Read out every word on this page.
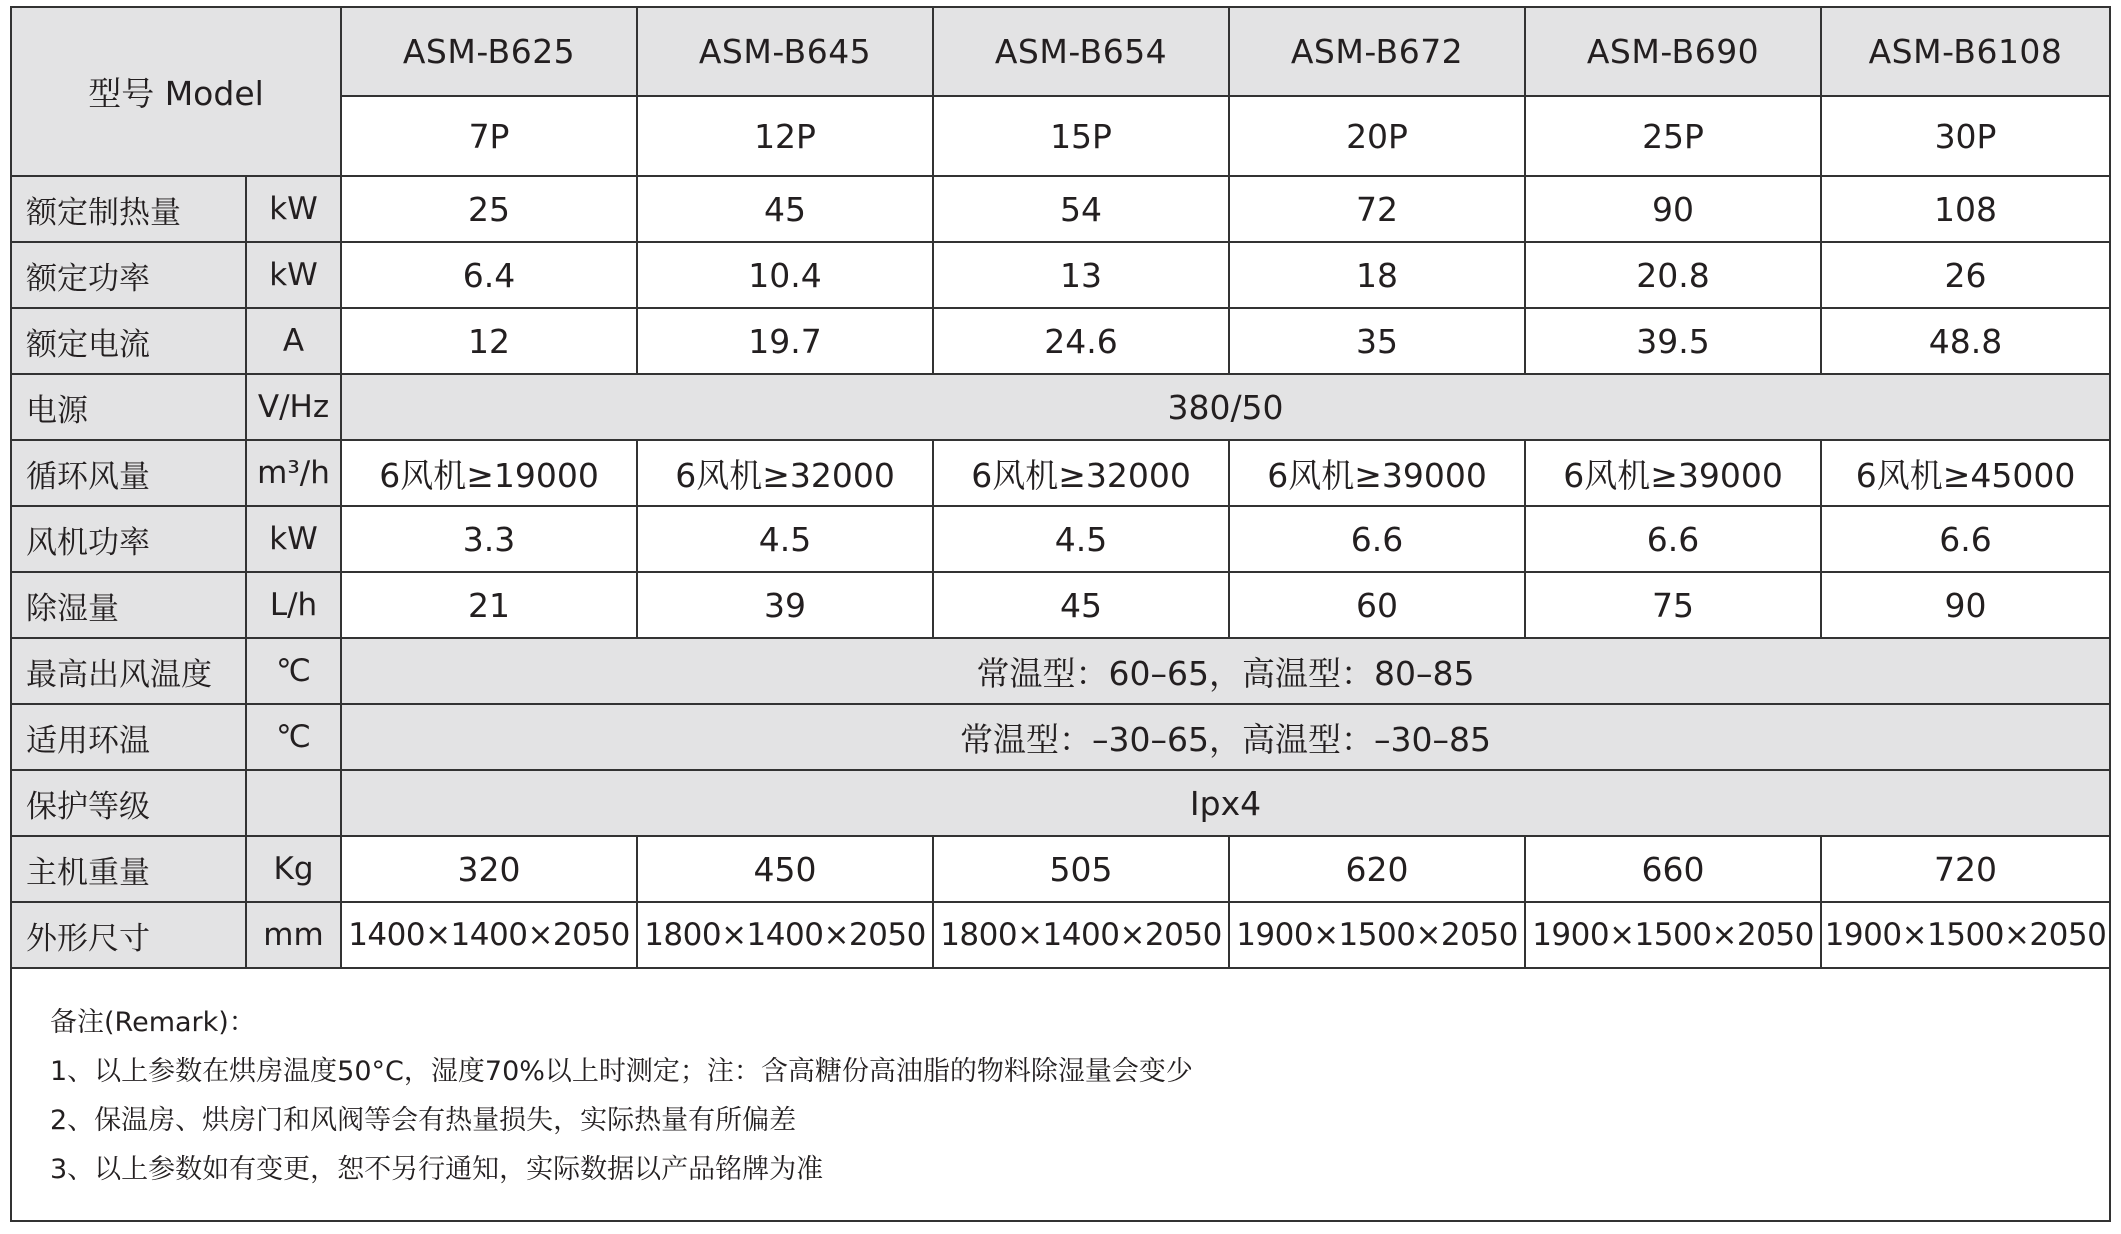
型号 Model		ASM-B625	ASM-B645	ASM-B654	ASM-B672	ASM-B690	ASM-B6108
		7P	12P	15P	20P	25P	30P
额定制热量	kW	25	45	54	72	90	108
额定功率	kW	6.4	10.4	13	18	20.8	26
额定电流	A	12	19.7	24.6	35	39.5	48.8
电源	V/Hz	380/50					
循环风量	m³/h	6风机≥19000	6风机≥32000	6风机≥32000	6风机≥39000	6风机≥39000	6风机≥45000
风机功率	kW	3.3	4.5	4.5	6.6	6.6	6.6
除湿量	L/h	21	39	45	60	75	90
最高出风温度	℃	常温型：60–65，高温型：80–85					
适用环温	℃	常温型：–30–65，高温型：–30–85					
保护等级		Ipx4					
主机重量	Kg	320	450	505	620	660	720
外形尺寸	mm	1400×1400×2050	1800×1400×2050	1800×1400×2050	1900×1500×2050	1900×1500×2050	1900×1500×2050
备注(Remark)：
1、以上参数在烘房温度50°C，湿度70%以上时测定；注：含高糖份高油脂的物料除湿量会变少
2、保温房、烘房门和风阀等会有热量损失，实际热量有所偏差
3、以上参数如有变更，恕不另行通知，实际数据以产品铭牌为准
